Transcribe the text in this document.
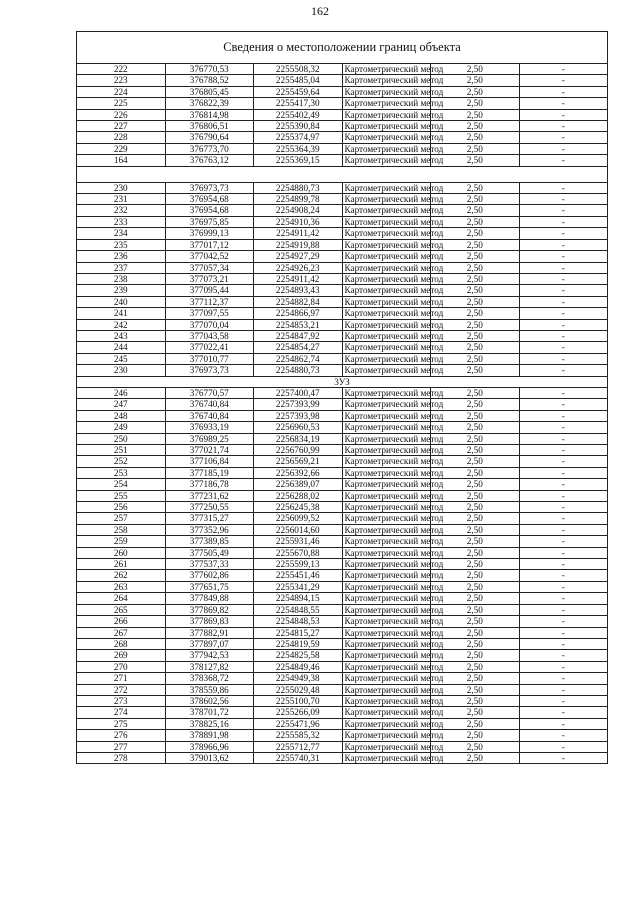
162
Сведения о местоположении границ объекта					
222	376770,53	2255508,32	Картометрический метод	2,50	-
223	376788,52	2255485,04	Картометрический метод	2,50	-
224	376805,45	2255459,64	Картометрический метод	2,50	-
225	376822,39	2255417,30	Картометрический метод	2,50	-
226	376814,98	2255402,49	Картометрический метод	2,50	-
227	376806,51	2255390,84	Картометрический метод	2,50	-
228	376790,64	2255374,97	Картометрический метод	2,50	-
229	376773,70	2255364,39	Картометрический метод	2,50	-
164	376763,12	2255369,15	Картометрический метод	2,50	-

230	376973,73	2254880,73	Картометрический метод	2,50	-
231	376954,68	2254899,78	Картометрический метод	2,50	-
232	376954,68	2254908,24	Картометрический метод	2,50	-
233	376975,85	2254910,36	Картометрический метод	2,50	-
234	376999,13	2254911,42	Картометрический метод	2,50	-
235	377017,12	2254919,88	Картометрический метод	2,50	-
236	377042,52	2254927,29	Картометрический метод	2,50	-
237	377057,34	2254926,23	Картометрический метод	2,50	-
238	377073,21	2254911,42	Картометрический метод	2,50	-
239	377095,44	2254893,43	Картометрический метод	2,50	-
240	377112,37	2254882,84	Картометрический метод	2,50	-
241	377097,55	2254866,97	Картометрический метод	2,50	-
242	377070,04	2254853,21	Картометрический метод	2,50	-
243	377043,58	2254847,92	Картометрический метод	2,50	-
244	377022,41	2254854,27	Картометрический метод	2,50	-
245	377010,77	2254862,74	Картометрический метод	2,50	-
230	376973,73	2254880,73	Картометрический метод	2,50	-
3УЗ					
246	376770,57	2257400,47	Картометрический метод	2,50	-
247	376740,84	2257393,99	Картометрический метод	2,50	-
248	376740,84	2257393,98	Картометрический метод	2,50	-
249	376933,19	2256960,53	Картометрический метод	2,50	-
250	376989,25	2256834,19	Картометрический метод	2,50	-
251	377021,74	2256760,99	Картометрический метод	2,50	-
252	377106,84	2256569,21	Картометрический метод	2,50	-
253	377185,19	2256392,66	Картометрический метод	2,50	-
254	377186,78	2256389,07	Картометрический метод	2,50	-
255	377231,62	2256288,02	Картометрический метод	2,50	-
256	377250,55	2256245,38	Картометрический метод	2,50	-
257	377315,27	2256099,52	Картометрический метод	2,50	-
258	377352,96	2256014,60	Картометрический метод	2,50	-
259	377389,85	2255931,46	Картометрический метод	2,50	-
260	377505,49	2255670,88	Картометрический метод	2,50	-
261	377537,33	2255599,13	Картометрический метод	2,50	-
262	377602,86	2255451,46	Картометрический метод	2,50	-
263	377651,75	2255341,29	Картометрический метод	2,50	-
264	377849,88	2254894,15	Картометрический метод	2,50	-
265	377869,82	2254848,55	Картометрический метод	2,50	-
266	377869,83	2254848,53	Картометрический метод	2,50	-
267	377882,91	2254815,27	Картометрический метод	2,50	-
268	377897,07	2254819,59	Картометрический метод	2,50	-
269	377942,53	2254825,58	Картометрический метод	2,50	-
270	378127,82	2254849,46	Картометрический метод	2,50	-
271	378368,72	2254949,38	Картометрический метод	2,50	-
272	378559,86	2255029,48	Картометрический метод	2,50	-
273	378602,56	2255100,70	Картометрический метод	2,50	-
274	378701,72	2255266,09	Картометрический метод	2,50	-
275	378825,16	2255471,96	Картометрический метод	2,50	-
276	378891,98	2255585,32	Картометрический метод	2,50	-
277	378966,96	2255712,77	Картометрический метод	2,50	-
278	379013,62	2255740,31	Картометрический метод	2,50	-
